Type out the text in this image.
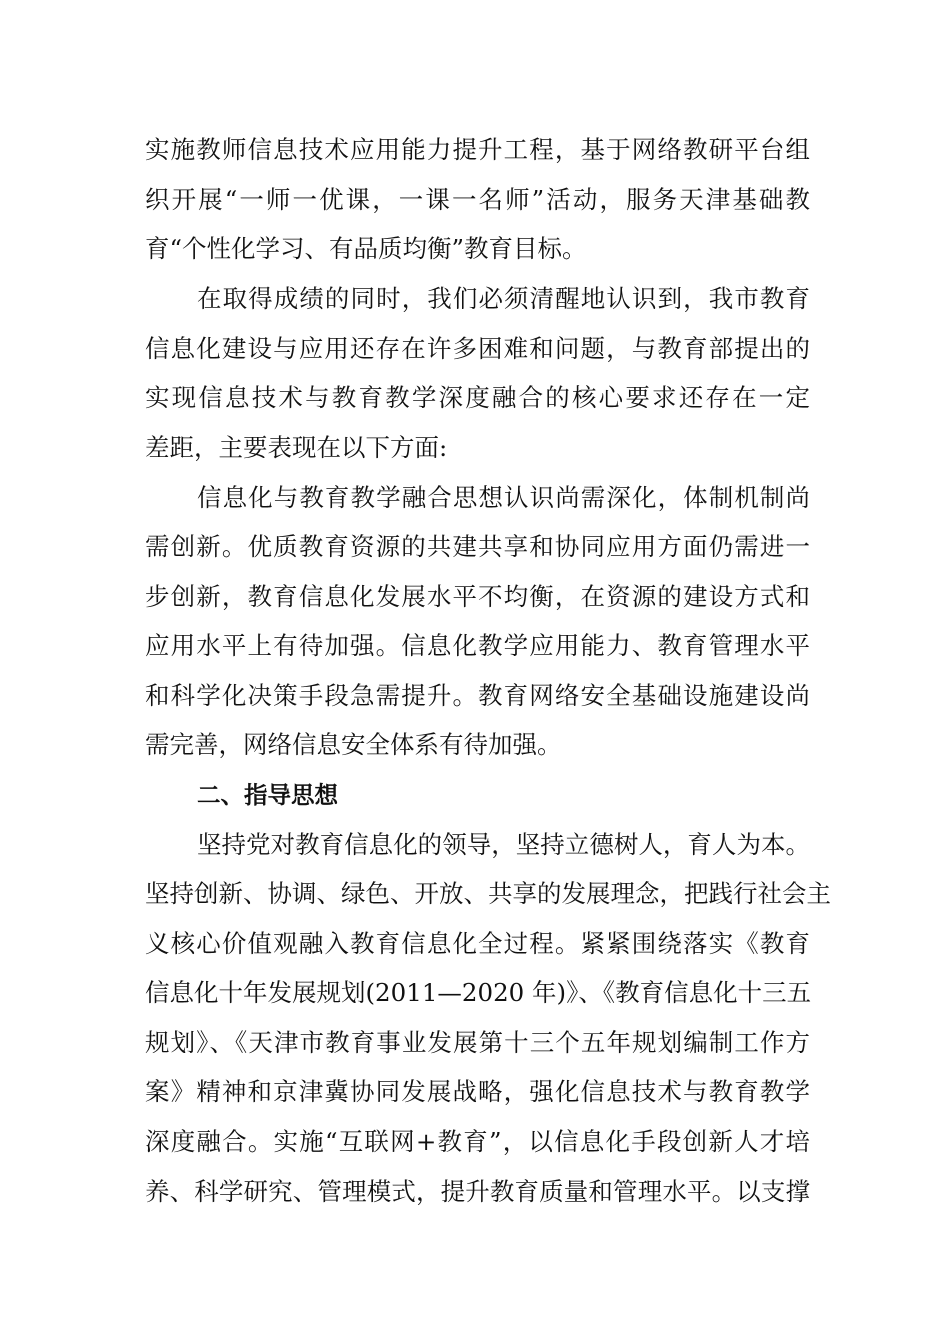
实施教师信息技术应用能力提升工程，基于网络教研平台组
织开展“一师一优课，一课一名师”活动，服务天津基础教
育“个性化学习、有品质均衡”教育目标。
在取得成绩的同时，我们必须清醒地认识到，我市教育
信息化建设与应用还存在许多困难和问题，与教育部提出的
实现信息技术与教育教学深度融合的核心要求还存在一定
差距，主要表现在以下方面:
信息化与教育教学融合思想认识尚需深化，体制机制尚
需创新。优质教育资源的共建共享和协同应用方面仍需进一
步创新，教育信息化发展水平不均衡，在资源的建设方式和
应用水平上有待加强。信息化教学应用能力、教育管理水平
和科学化决策手段急需提升。教育网络安全基础设施建设尚
需完善，网络信息安全体系有待加强。
二、指导思想
坚持党对教育信息化的领导，坚持立德树人，育人为本。
坚持创新、协调、绿色、开放、共享的发展理念，把践行社会主
义核心价值观融入教育信息化全过程。紧紧围绕落实《教育
信息化十年发展规划(2011—2020 年)》、《教育信息化十三五
规划》、《天津市教育事业发展第十三个五年规划编制工作方
案》精神和京津冀协同发展战略，强化信息技术与教育教学
深度融合。实施“互联网+教育”，以信息化手段创新人才培
养、科学研究、管理模式，提升教育质量和管理水平。以支撑
